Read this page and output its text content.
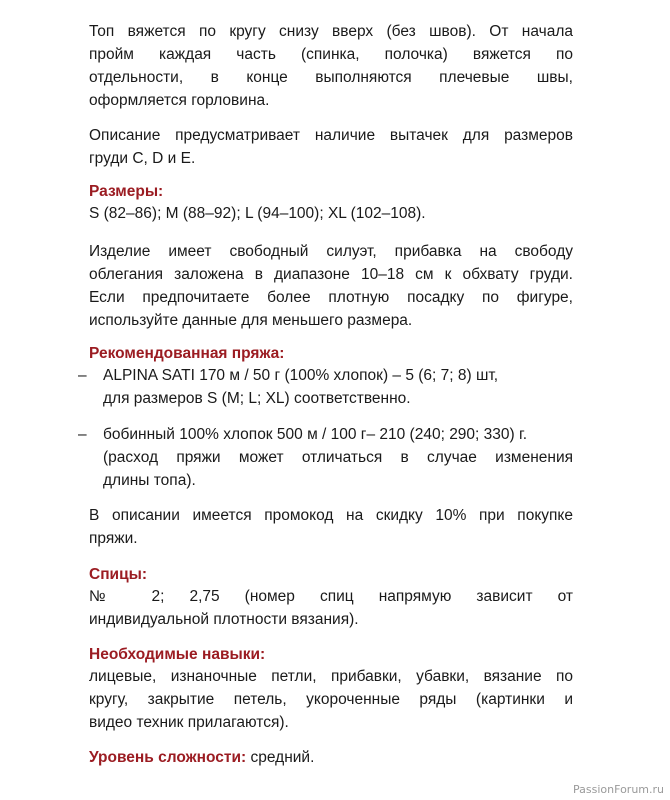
Топ вяжется по кругу снизу вверх (без швов). От начала
пройм каждая часть (спинка, полочка) вяжется по
отдельности, в конце выполняются плечевые швы,
оформляется горловина.
Описание предусматривает наличие вытачек для размеров
груди C, D и E.
Размеры:
S (82–86); M (88–92); L (94–100); XL (102–108).
Изделие имеет свободный силуэт, прибавка на свободу
облегания заложена в диапазоне 10–18 см к обхвату груди.
Если предпочитаете более плотную посадку по фигуре,
используйте данные для меньшего размера.
Рекомендованная пряжа:
– ALPINA SATI 170 м / 50 г (100% хлопок) – 5 (6; 7; 8) шт,
для размеров S (M; L; XL) соответственно.
– бобинный 100% хлопок 500 м / 100 г– 210 (240; 290; 330) г.
(расход пряжи может отличаться в случае изменения
длины топа).
В описании имеется промокод на скидку 10% при покупке
пряжи.
Спицы:
№ 2; 2,75 (номер спиц напрямую зависит от
индивидуальной плотности вязания).
Необходимые навыки:
лицевые, изнаночные петли, прибавки, убавки, вязание по
кругу, закрытие петель, укороченные ряды (картинки и
видео техник прилагаются).
Уровень сложности: средний.
PassionForum.ru
